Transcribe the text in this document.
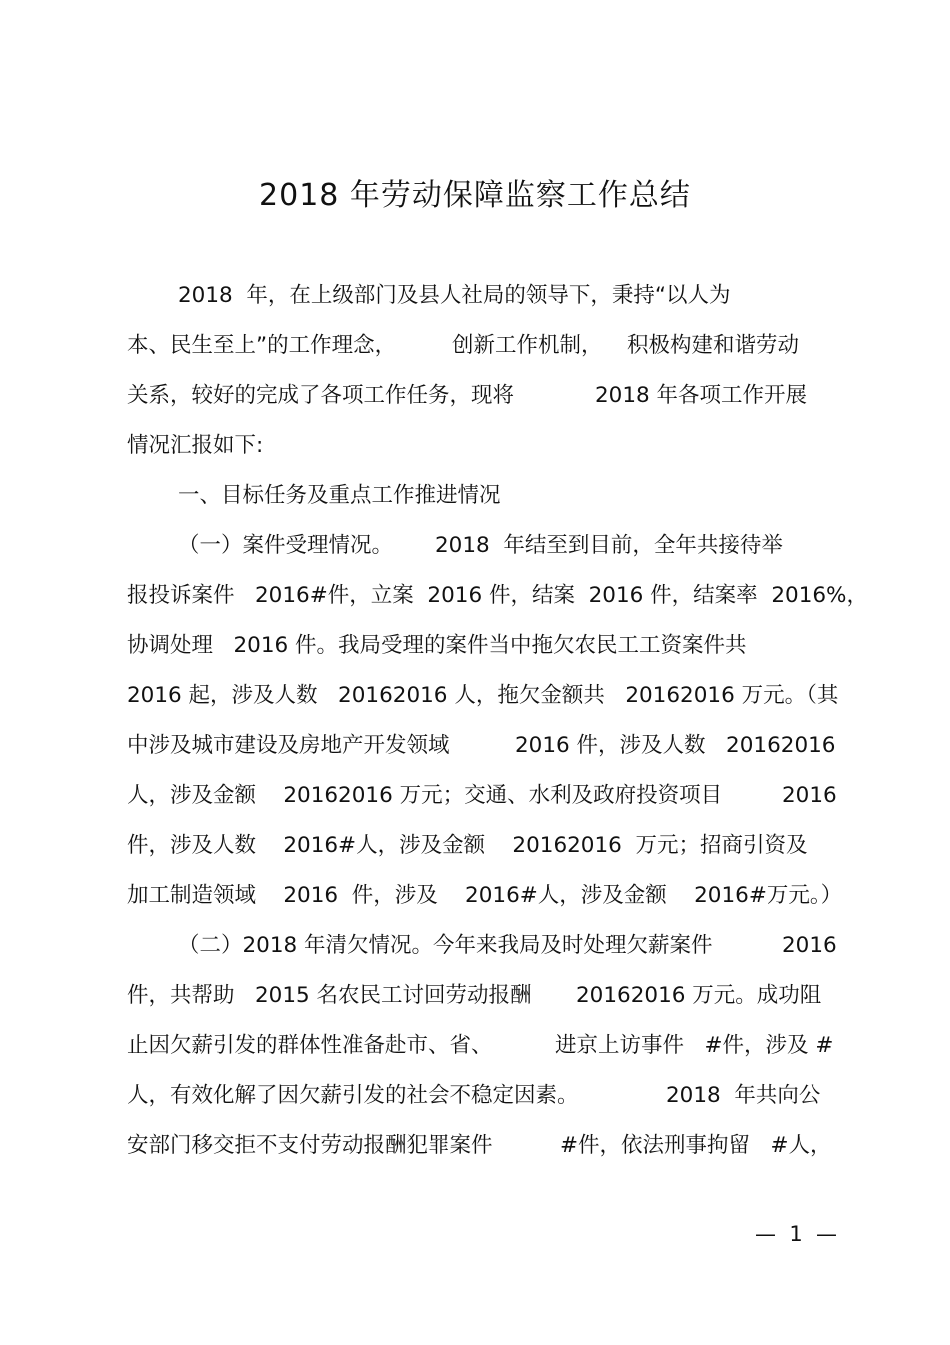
2018 年劳动保障监察工作总结
2018  年，在上级部门及县人社局的领导下，秉持“以人为
本、民生至上”的工作理念，	创新工作机制， 积极构建和谐劳动
关系，较好的完成了各项工作任务，现将	2018 年各项工作开展
情况汇报如下:
一、目标任务及重点工作推进情况
（一）案件受理情况。 2018  年结至到目前，全年共接待举
报投诉案件   2016#件，立案  2016 件，结案  2016 件，结案率  2016%，
协调处理   2016 件。我局受理的案件当中拖欠农民工工资案件共
2016 起，涉及人数   20162016 人，拖欠金额共   20162016 万元。（其
中涉及城市建设及房地产开发领域	2016 件，涉及人数   20162016
人，涉及金额    20162016 万元；交通、水利及政府投资项目	2016
件，涉及人数    2016#人，涉及金额    20162016  万元；招商引资及
加工制造领域    2016  件，涉及    2016#人，涉及金额    2016#万元。）
（二）2018 年清欠情况。今年来我局及时处理欠薪案件	2016
件，共帮助   2015 名农民工讨回劳动报酬 20162016 万元。成功阻
止因欠薪引发的群体性准备赴市、省、	进京上访事件   #件，涉及 #
人，有效化解了因欠薪引发的社会不稳定因素。	2018  年共向公
安部门移交拒不支付劳动报酬犯罪案件	#件，依法刑事拘留   #人，
—  1  —
